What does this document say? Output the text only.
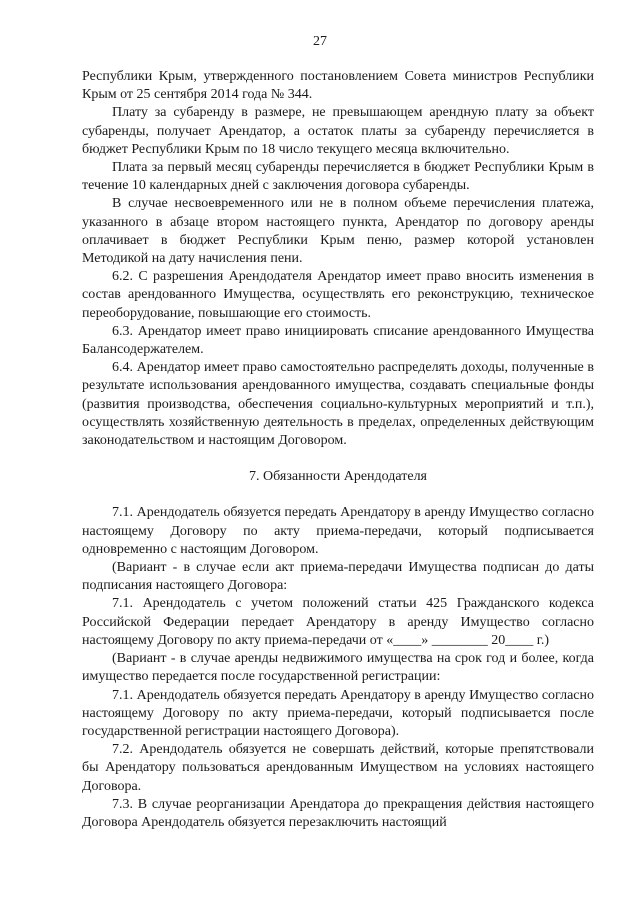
27

Республики Крым, утвержденного постановлением Совета министров Республики Крым от 25 сентября 2014 года № 344.

Плату за субаренду в размере, не превышающем арендную плату за объект субаренды, получает Арендатор, а остаток платы за субаренду перечисляется в бюджет Республики Крым по 18 число текущего месяца включительно.

Плата за первый месяц субаренды перечисляется в бюджет Республики Крым в течение 10 календарных дней с заключения договора субаренды.

В случае несвоевременного или не в полном объеме перечисления платежа, указанного в абзаце втором настоящего пункта, Арендатор по договору аренды оплачивает в бюджет Республики Крым пеню, размер которой установлен Методикой на дату начисления пени.

6.2. С разрешения Арендодателя Арендатор имеет право вносить изменения в состав арендованного Имущества, осуществлять его реконструкцию, техническое переоборудование, повышающие его стоимость.

6.3. Арендатор имеет право инициировать списание арендованного Имущества Балансодержателем.

6.4. Арендатор имеет право самостоятельно распределять доходы, полученные в результате использования арендованного имущества, создавать специальные фонды (развития производства, обеспечения социально-культурных мероприятий и т.п.), осуществлять хозяйственную деятельность в пределах, определенных действующим законодательством и настоящим Договором.

7. Обязанности Арендодателя

7.1. Арендодатель обязуется передать Арендатору в аренду Имущество согласно настоящему Договору по акту приема-передачи, который подписывается одновременно с настоящим Договором.

(Вариант - в случае если акт приема-передачи Имущества подписан до даты подписания настоящего Договора:

7.1. Арендодатель с учетом положений статьи 425 Гражданского кодекса Российской Федерации передает Арендатору в аренду Имущество согласно настоящему Договору по акту приема-передачи от «____» ________ 20____ г.)

(Вариант - в случае аренды недвижимого имущества на срок год и более, когда имущество передается после государственной регистрации:

7.1. Арендодатель обязуется передать Арендатору в аренду Имущество согласно настоящему Договору по акту приема-передачи, который подписывается после государственной регистрации настоящего Договора).

7.2. Арендодатель обязуется не совершать действий, которые препятствовали бы Арендатору пользоваться арендованным Имуществом на условиях настоящего Договора.

7.3. В случае реорганизации Арендатора до прекращения действия настоящего Договора Арендодатель обязуется перезаключить настоящий
